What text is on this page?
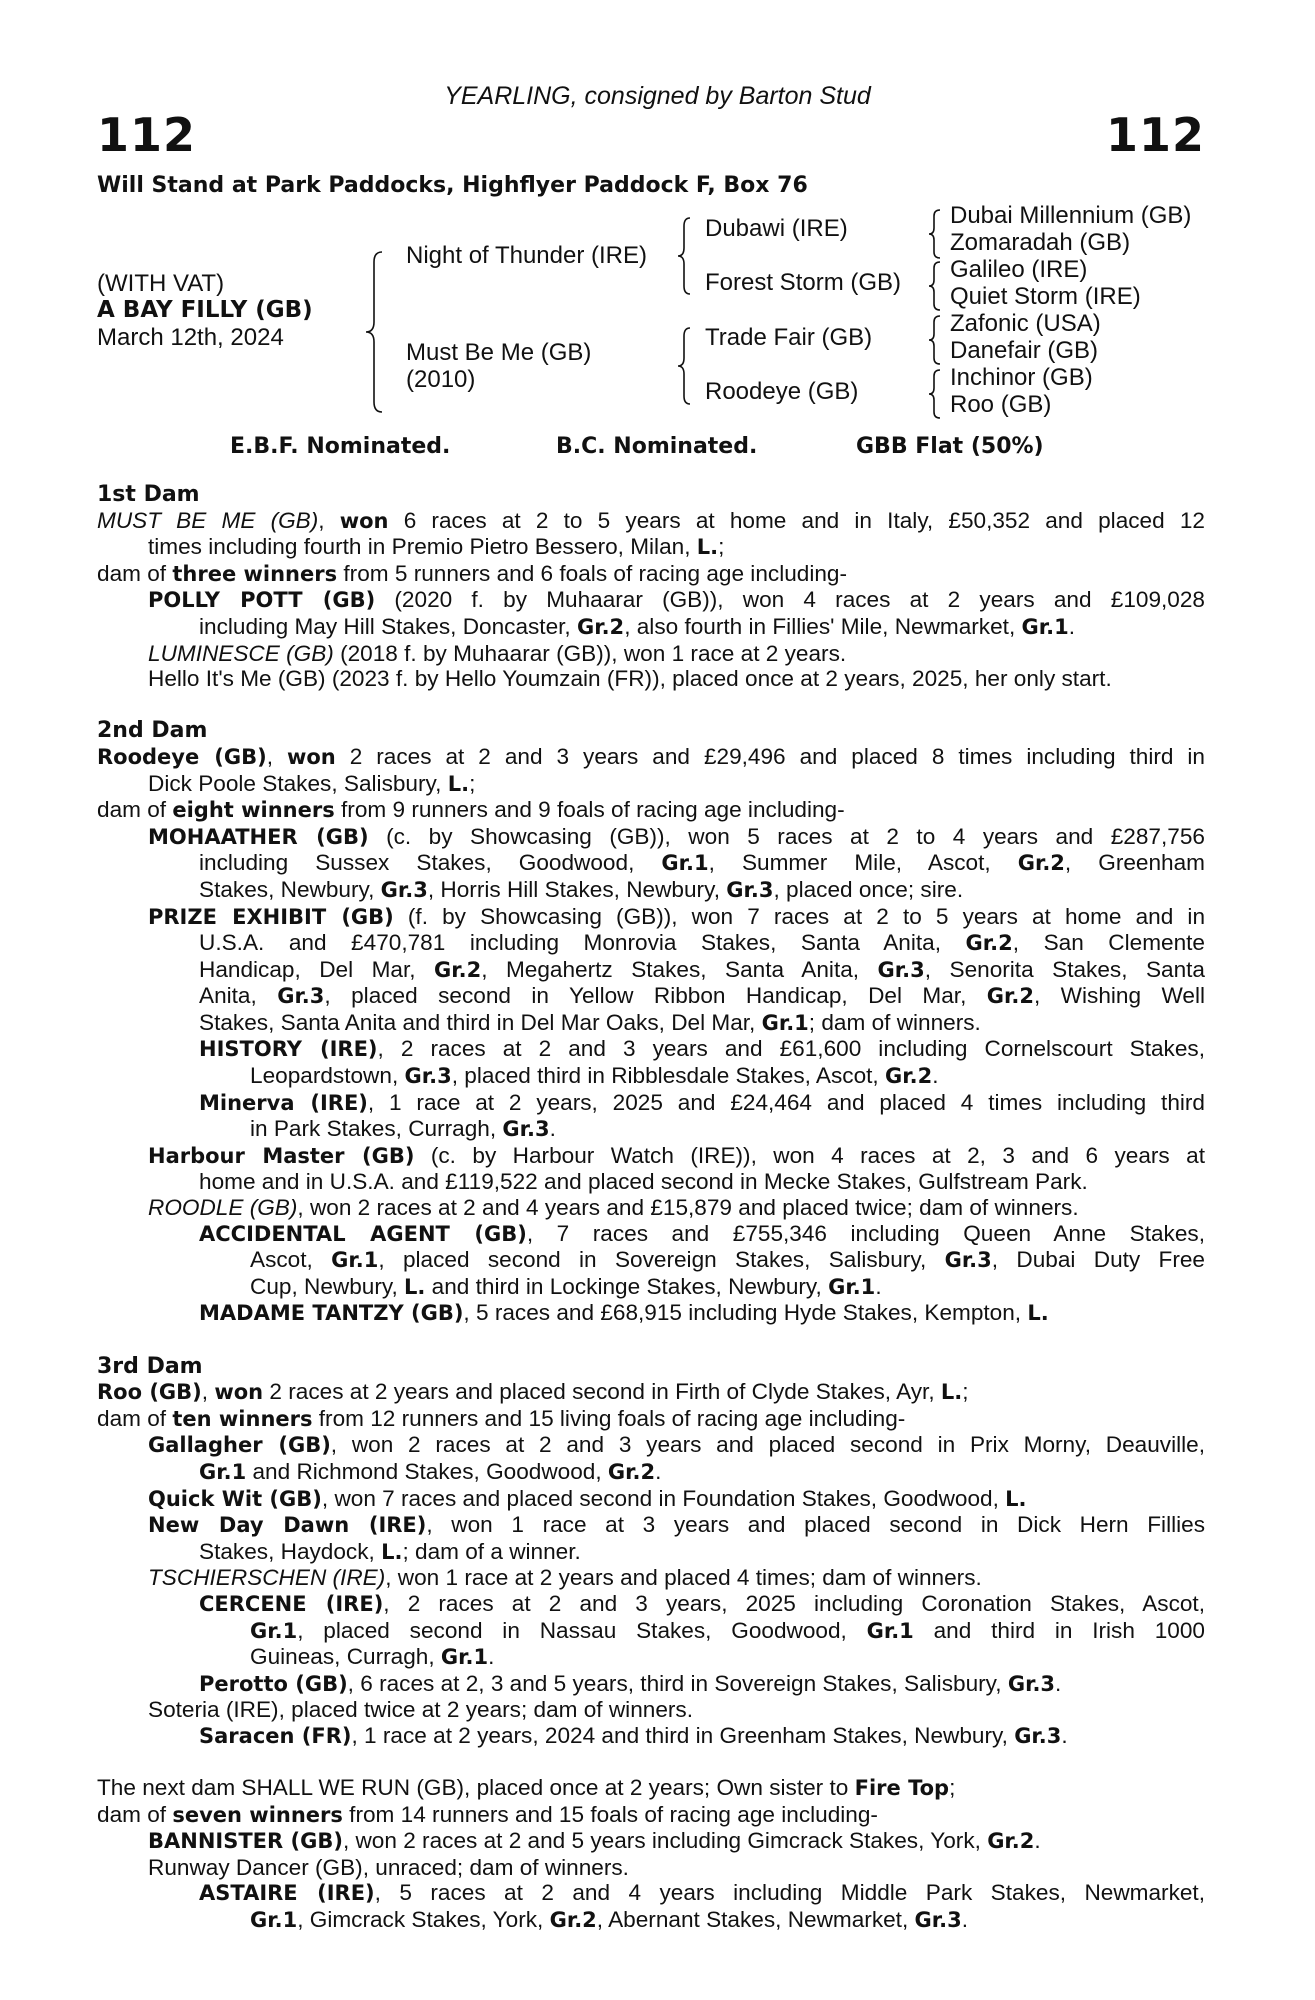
112	112
YEARLING, consigned by Barton Stud
Will Stand at Park Paddocks, Highflyer Paddock F, Box 76
(WITH VAT)
A BAY FILLY (GB)
March 12th, 2024
Night of Thunder (IRE)
Must Be Me (GB)
(2010)
Dubawi (IRE)
Forest Storm (GB)
Trade Fair (GB)
Roodeye (GB)
Dubai Millennium (GB)
Zomaradah (GB)
Galileo (IRE)
Quiet Storm (IRE)
Zafonic (USA)
Danefair (GB)
Inchinor (GB)
Roo (GB)
E.B.F. Nominated.	B.C. Nominated.	GBB Flat (50%)
1st Dam
MUST BE ME (GB), won 6 races at 2 to 5 years at home and in Italy, £50,352 and placed 12
times including fourth in Premio Pietro Bessero, Milan, L.;
dam of three winners from 5 runners and 6 foals of racing age including-
POLLY POTT (GB) (2020 f. by Muhaarar (GB)), won 4 races at 2 years and £109,028
including May Hill Stakes, Doncaster, Gr.2, also fourth in Fillies' Mile, Newmarket, Gr.1.
LUMINESCE (GB) (2018 f. by Muhaarar (GB)), won 1 race at 2 years.
Hello It's Me (GB) (2023 f. by Hello Youmzain (FR)), placed once at 2 years, 2025, her only start.
2nd Dam
Roodeye (GB), won 2 races at 2 and 3 years and £29,496 and placed 8 times including third in
Dick Poole Stakes, Salisbury, L.;
dam of eight winners from 9 runners and 9 foals of racing age including-
MOHAATHER (GB) (c. by Showcasing (GB)), won 5 races at 2 to 4 years and £287,756
including Sussex Stakes, Goodwood, Gr.1, Summer Mile, Ascot, Gr.2, Greenham
Stakes, Newbury, Gr.3, Horris Hill Stakes, Newbury, Gr.3, placed once; sire.
PRIZE EXHIBIT (GB) (f. by Showcasing (GB)), won 7 races at 2 to 5 years at home and in
U.S.A. and £470,781 including Monrovia Stakes, Santa Anita, Gr.2, San Clemente
Handicap, Del Mar, Gr.2, Megahertz Stakes, Santa Anita, Gr.3, Senorita Stakes, Santa
Anita, Gr.3, placed second in Yellow Ribbon Handicap, Del Mar, Gr.2, Wishing Well
Stakes, Santa Anita and third in Del Mar Oaks, Del Mar, Gr.1; dam of winners.
HISTORY (IRE), 2 races at 2 and 3 years and £61,600 including Cornelscourt Stakes,
Leopardstown, Gr.3, placed third in Ribblesdale Stakes, Ascot, Gr.2.
Minerva (IRE), 1 race at 2 years, 2025 and £24,464 and placed 4 times including third
in Park Stakes, Curragh, Gr.3.
Harbour Master (GB) (c. by Harbour Watch (IRE)), won 4 races at 2, 3 and 6 years at
home and in U.S.A. and £119,522 and placed second in Mecke Stakes, Gulfstream Park.
ROODLE (GB), won 2 races at 2 and 4 years and £15,879 and placed twice; dam of winners.
ACCIDENTAL AGENT (GB), 7 races and £755,346 including Queen Anne Stakes,
Ascot, Gr.1, placed second in Sovereign Stakes, Salisbury, Gr.3, Dubai Duty Free
Cup, Newbury, L. and third in Lockinge Stakes, Newbury, Gr.1.
MADAME TANTZY (GB), 5 races and £68,915 including Hyde Stakes, Kempton, L.
3rd Dam
Roo (GB), won 2 races at 2 years and placed second in Firth of Clyde Stakes, Ayr, L.;
dam of ten winners from 12 runners and 15 living foals of racing age including-
Gallagher (GB), won 2 races at 2 and 3 years and placed second in Prix Morny, Deauville,
Gr.1 and Richmond Stakes, Goodwood, Gr.2.
Quick Wit (GB), won 7 races and placed second in Foundation Stakes, Goodwood, L.
New Day Dawn (IRE), won 1 race at 3 years and placed second in Dick Hern Fillies
Stakes, Haydock, L.; dam of a winner.
TSCHIERSCHEN (IRE), won 1 race at 2 years and placed 4 times; dam of winners.
CERCENE (IRE), 2 races at 2 and 3 years, 2025 including Coronation Stakes, Ascot,
Gr.1, placed second in Nassau Stakes, Goodwood, Gr.1 and third in Irish 1000
Guineas, Curragh, Gr.1.
Perotto (GB), 6 races at 2, 3 and 5 years, third in Sovereign Stakes, Salisbury, Gr.3.
Soteria (IRE), placed twice at 2 years; dam of winners.
Saracen (FR), 1 race at 2 years, 2024 and third in Greenham Stakes, Newbury, Gr.3.
The next dam SHALL WE RUN (GB), placed once at 2 years; Own sister to Fire Top;
dam of seven winners from 14 runners and 15 foals of racing age including-
BANNISTER (GB), won 2 races at 2 and 5 years including Gimcrack Stakes, York, Gr.2.
Runway Dancer (GB), unraced; dam of winners.
ASTAIRE (IRE), 5 races at 2 and 4 years including Middle Park Stakes, Newmarket,
Gr.1, Gimcrack Stakes, York, Gr.2, Abernant Stakes, Newmarket, Gr.3.
